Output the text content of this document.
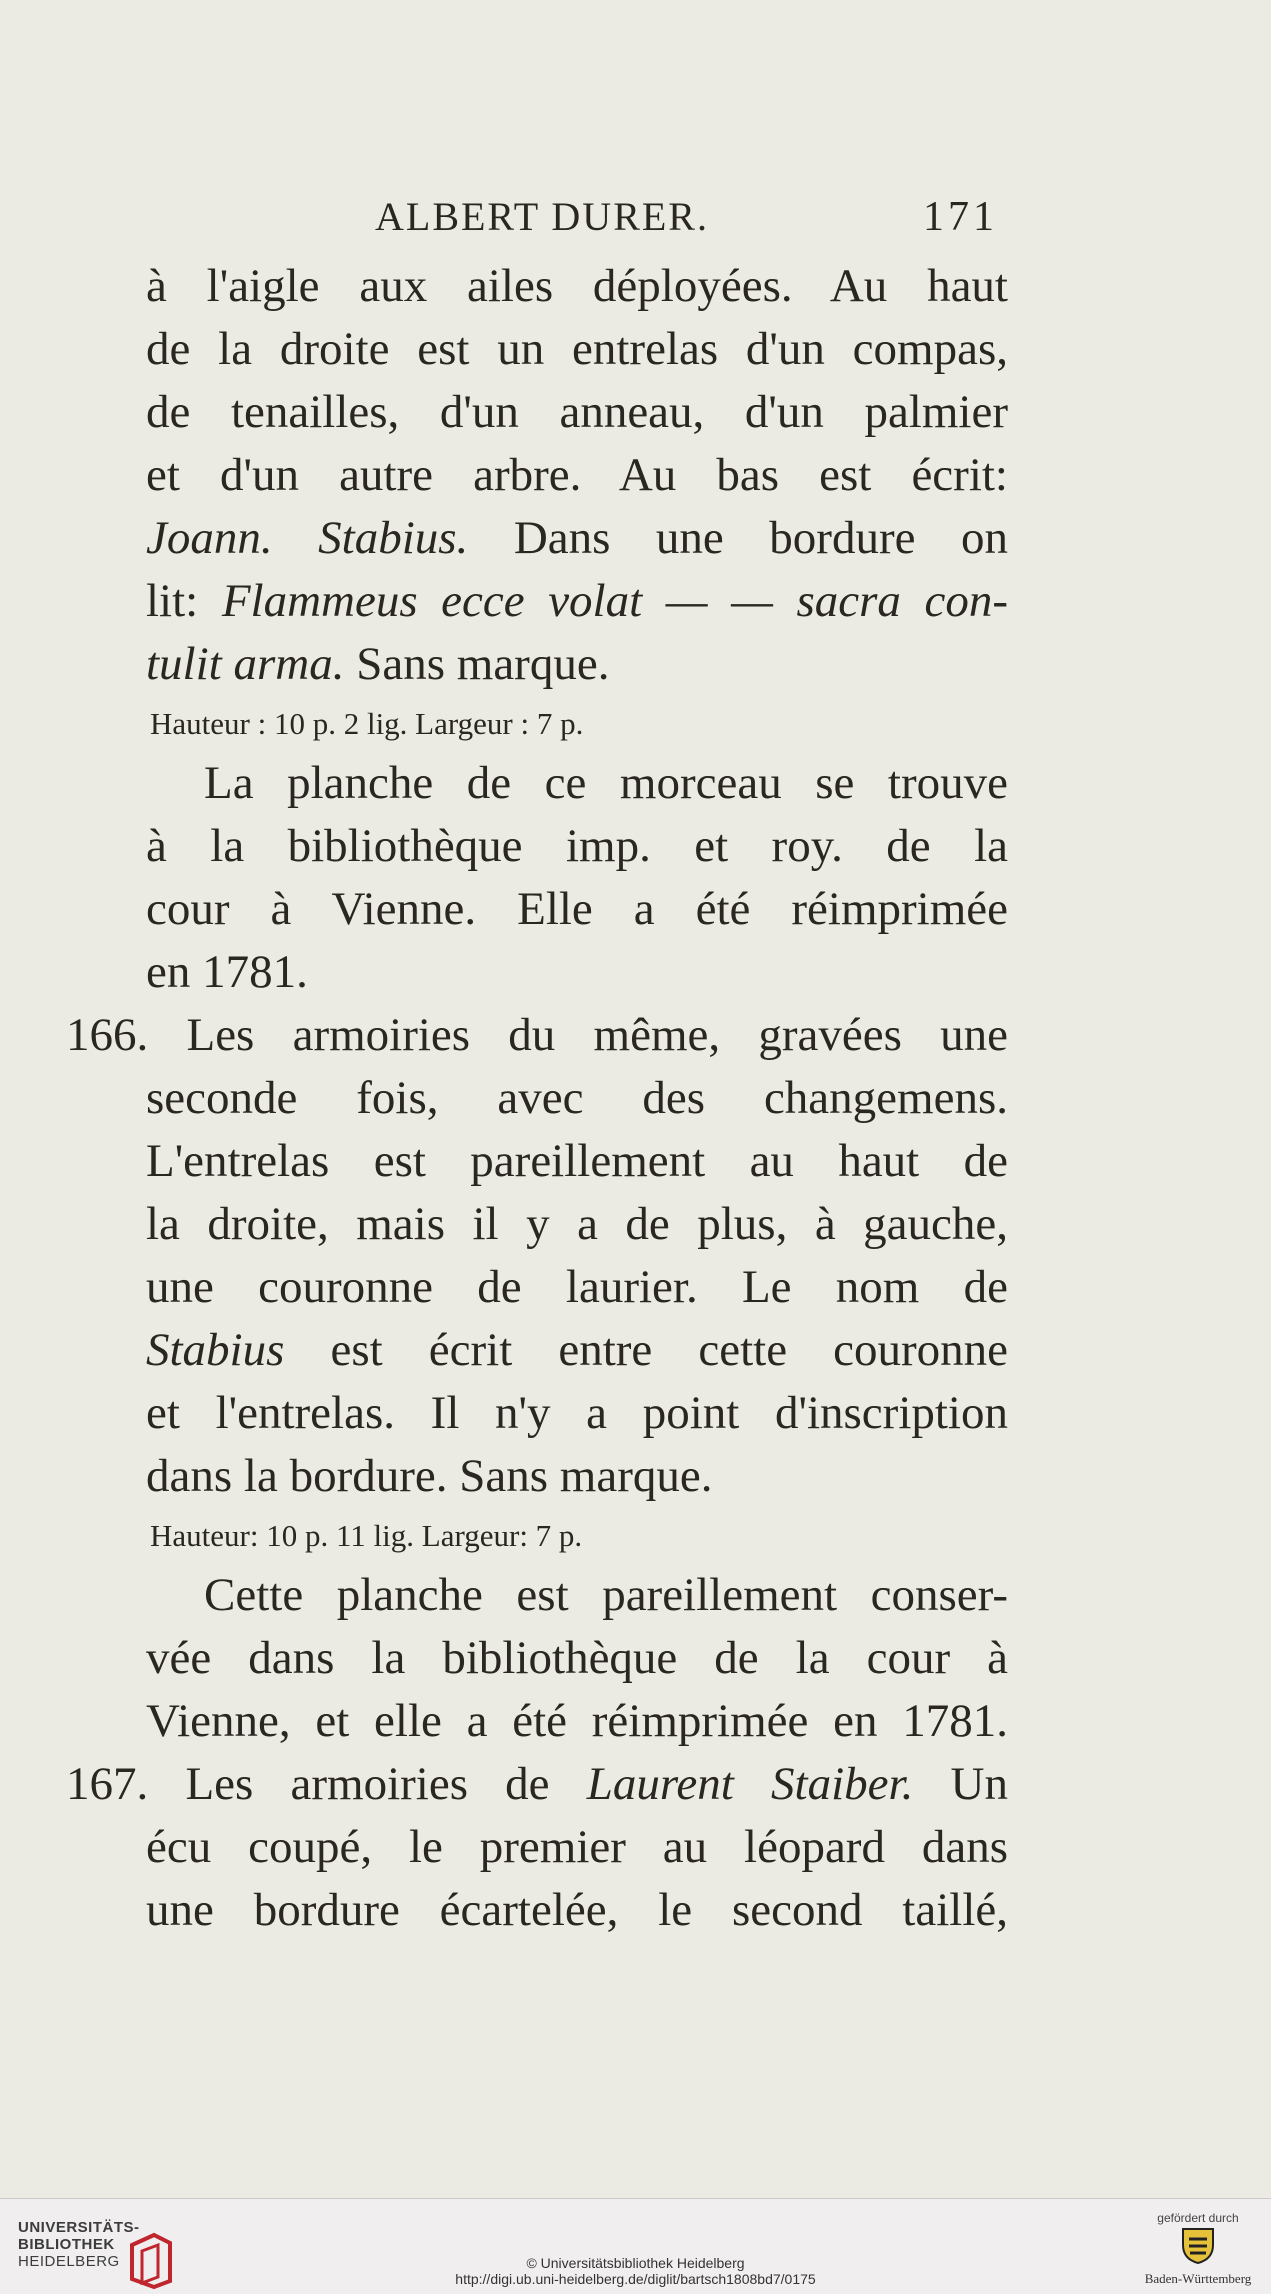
ALBERT DURER.	171
à l'aigle aux ailes déployées. Au haut
de la droite est un entrelas d'un compas,
de tenailles, d'un anneau, d'un palmier
et d'un autre arbre. Au bas est écrit:
Joann. Stabius. Dans une bordure on
lit: Flammeus ecce volat — — sacra con-
tulit arma. Sans marque.
Hauteur : 10 p. 2 lig. Largeur : 7 p.
La planche de ce morceau se trouve
à la bibliothèque imp. et roy. de la
cour à Vienne. Elle a été réimprimée
en 1781.
166. Les armoiries du même, gravées une
seconde fois, avec des changemens.
L'entrelas est pareillement au haut de
la droite, mais il y a de plus, à gauche,
une couronne de laurier. Le nom de
Stabius est écrit entre cette couronne
et l'entrelas. Il n'y a point d'inscription
dans la bordure. Sans marque.
Hauteur: 10 p. 11 lig. Largeur: 7 p.
Cette planche est pareillement conser-
vée dans la bibliothèque de la cour à
Vienne, et elle a été réimprimée en 1781.
167. Les armoiries de Laurent Staiber. Un
écu coupé, le premier au léopard dans
une bordure écartelée, le second taillé,
UNIVERSITÄTS-
BIBLIOTHEK
HEIDELBERG	© Universitätsbibliothek Heidelberg
http://digi.ub.uni-heidelberg.de/diglit/bartsch1808bd7/0175
gefördert durch
Baden-Württemberg
